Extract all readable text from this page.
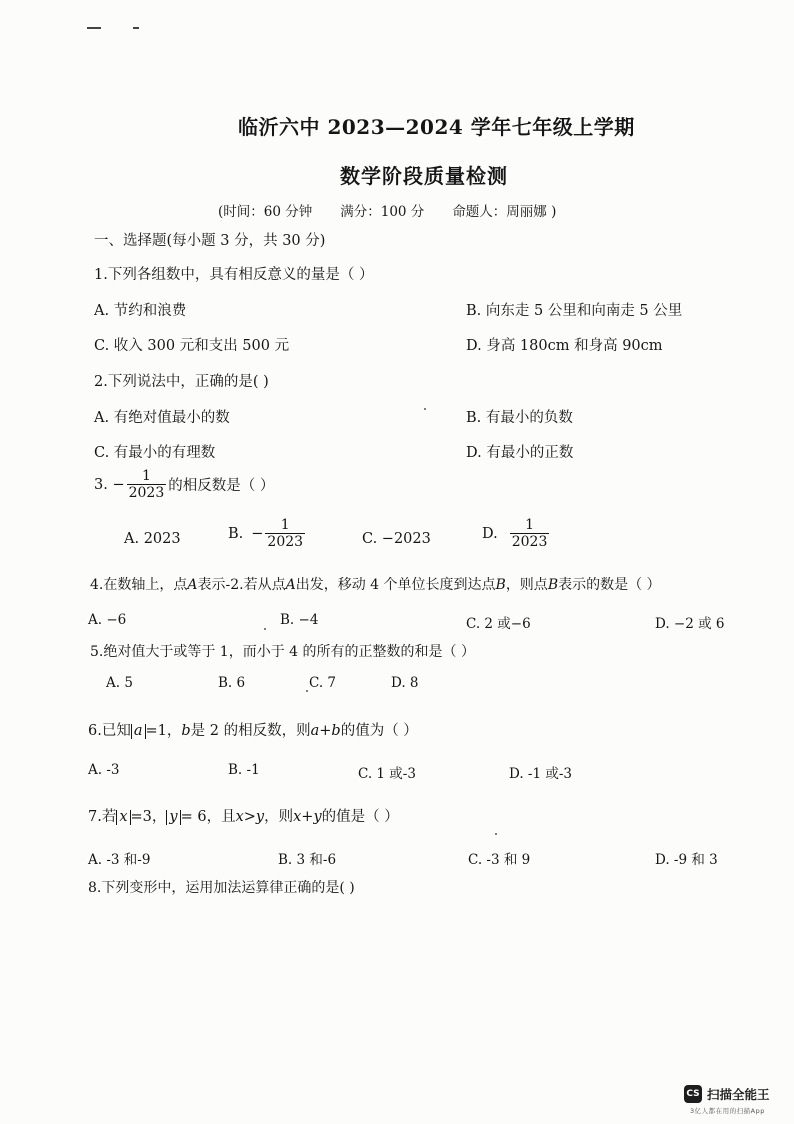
临沂六中 2023—2024 学年七年级上学期
数学阶段质量检测
(时间：60 分钟 满分：100 分 命题人：周丽娜 )
一、选择题(每小题 3 分，共 30 分)
1.下列各组数中，具有相反意义的量是（ ）
A. 节约和浪费	B. 向东走 5 公里和向南走 5 公里
C. 收入 300 元和支出 500 元	D. 身高 180cm 和身高 90cm
2.下列说法中，正确的是( )
A. 有绝对值最小的数	B. 有最小的负数
C. 有最小的有理数	D. 有最小的正数
3. − $\frac{1}{2023}$ 的相反数是（ ）
A. 2023	B. − $\frac{1}{2023}$	C. −2023	D. $\frac{1}{2023}$
4.在数轴上，点A表示-2.若从点A出发，移动 4 个单位长度到达点B，则点B表示的数是（ ）
A. −6	B. −4	C. 2 或−6	D. −2 或 6
5.绝对值大于或等于 1，而小于 4 的所有的正整数的和是（ ）
A. 5	B. 6	C. 7	D. 8
6.已知 a =1，b是 2 的相反数，则a+b的值为（ ）
A. -3	B. -1	C. 1 或-3	D. -1 或-3
7.若 x =3， y = 6，且x>y，则x+y的值是（ ）
A. -3 和-9	B. 3 和-6	C. -3 和 9	D. -9 和 3
8.下列变形中，运用加法运算律正确的是( )
CS 扫描全能王
3亿人都在用的扫描App
